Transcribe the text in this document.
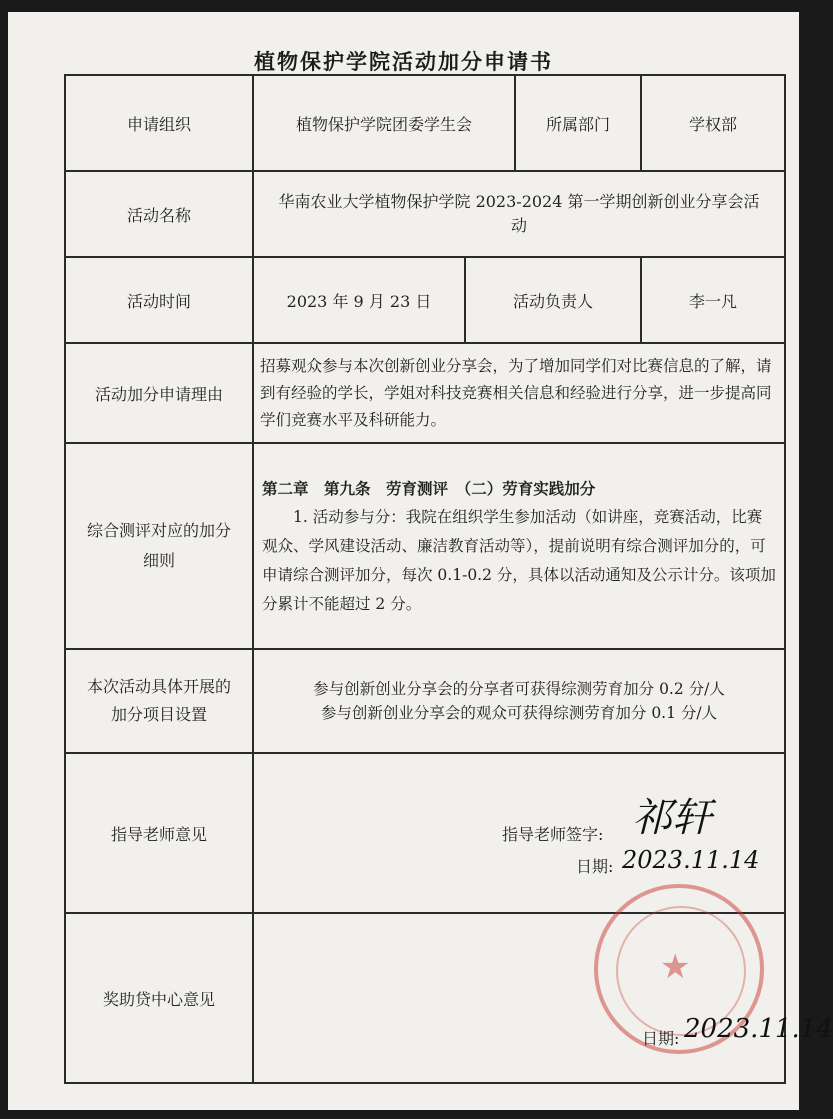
植物保护学院活动加分申请书
申请组织	植物保护学院团委学生会		所属部门	学权部
活动名称	华南农业大学植物保护学院 2023-2024 第一学期创新创业分享会活动			
活动时间	2023 年 9 月 23 日	活动负责人		李一凡
活动加分申请理由	招募观众参与本次创新创业分享会，为了增加同学们对比赛信息的了解，请到有经验的学长，学姐对科技竞赛相关信息和经验进行分享，进一步提高同学们竞赛水平及科研能力。			
综合测评对应的加分细则	第二章　第九条　劳育测评　（二）劳育实践加分
1. 活动参与分：我院在组织学生参加活动（如讲座，竞赛活动，比赛观众、学风建设活动、廉洁教育活动等），提前说明有综合测评加分的，可申请综合测评加分，每次 0.1-0.2 分，具体以活动通知及公示计分。该项加分累计不能超过 2 分。			

本次活动具体开展的加分项目设置	参与创新创业分享会的分享者可获得综测劳育加分 0.2 分/人
参与创新创业分享会的观众可获得综测劳育加分 0.1 分/人			

指导老师意见	指导老师签字: 祁轩
日期: 2023.11.14			

奖助贷中心意见	★
日期: 2023.11.14			
